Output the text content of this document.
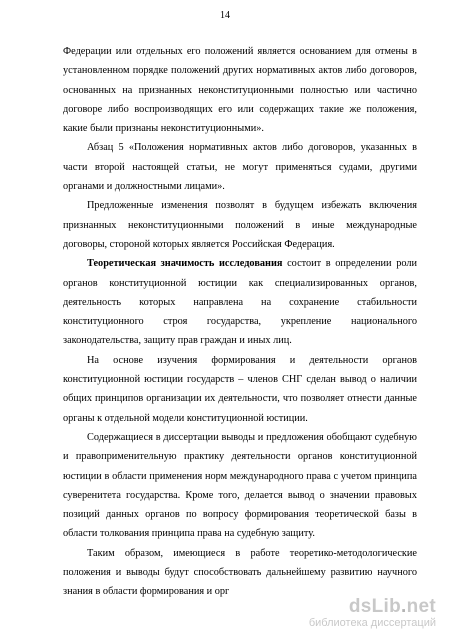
14

Федерации или отдельных его положений является основанием для отмены в установленном порядке положений других нормативных актов либо договоров, основанных на признанных неконституционными полностью или частично договоре либо воспроизводящих его или содержащих такие же положения, какие были признаны неконституционными».

Абзац 5 «Положения нормативных актов либо договоров, указанных в части второй настоящей статьи, не могут применяться судами, другими органами и должностными лицами».

Предложенные изменения позволят в будущем избежать включения признанных неконституционными положений в иные международные договоры, стороной которых является Российская Федерация.

Теоретическая значимость исследования состоит в определении роли органов конституционной юстиции как специализированных органов, деятельность которых направлена на сохранение стабильности конституционного строя государства, укрепление национального законодательства, защиту прав граждан и иных лиц.

На основе изучения формирования и деятельности органов конституционной юстиции государств – членов СНГ сделан вывод о наличии общих принципов организации их деятельности, что позволяет отнести данные органы к отдельной модели конституционной юстиции.

Содержащиеся в диссертации выводы и предложения обобщают судебную и правоприменительную практику деятельности органов конституционной юстиции в области применения норм международного права с учетом принципа суверенитета государства. Кроме того, делается вывод о значении правовых позиций данных органов по вопросу формирования теоретической базы в области толкования принципа права на судебную защиту.

Таким образом, имеющиеся в работе теоретико-методологические положения и выводы будут способствовать дальнейшему развитию научного знания в области формирования и орг

dsLib.net
библиотека диссертаций
